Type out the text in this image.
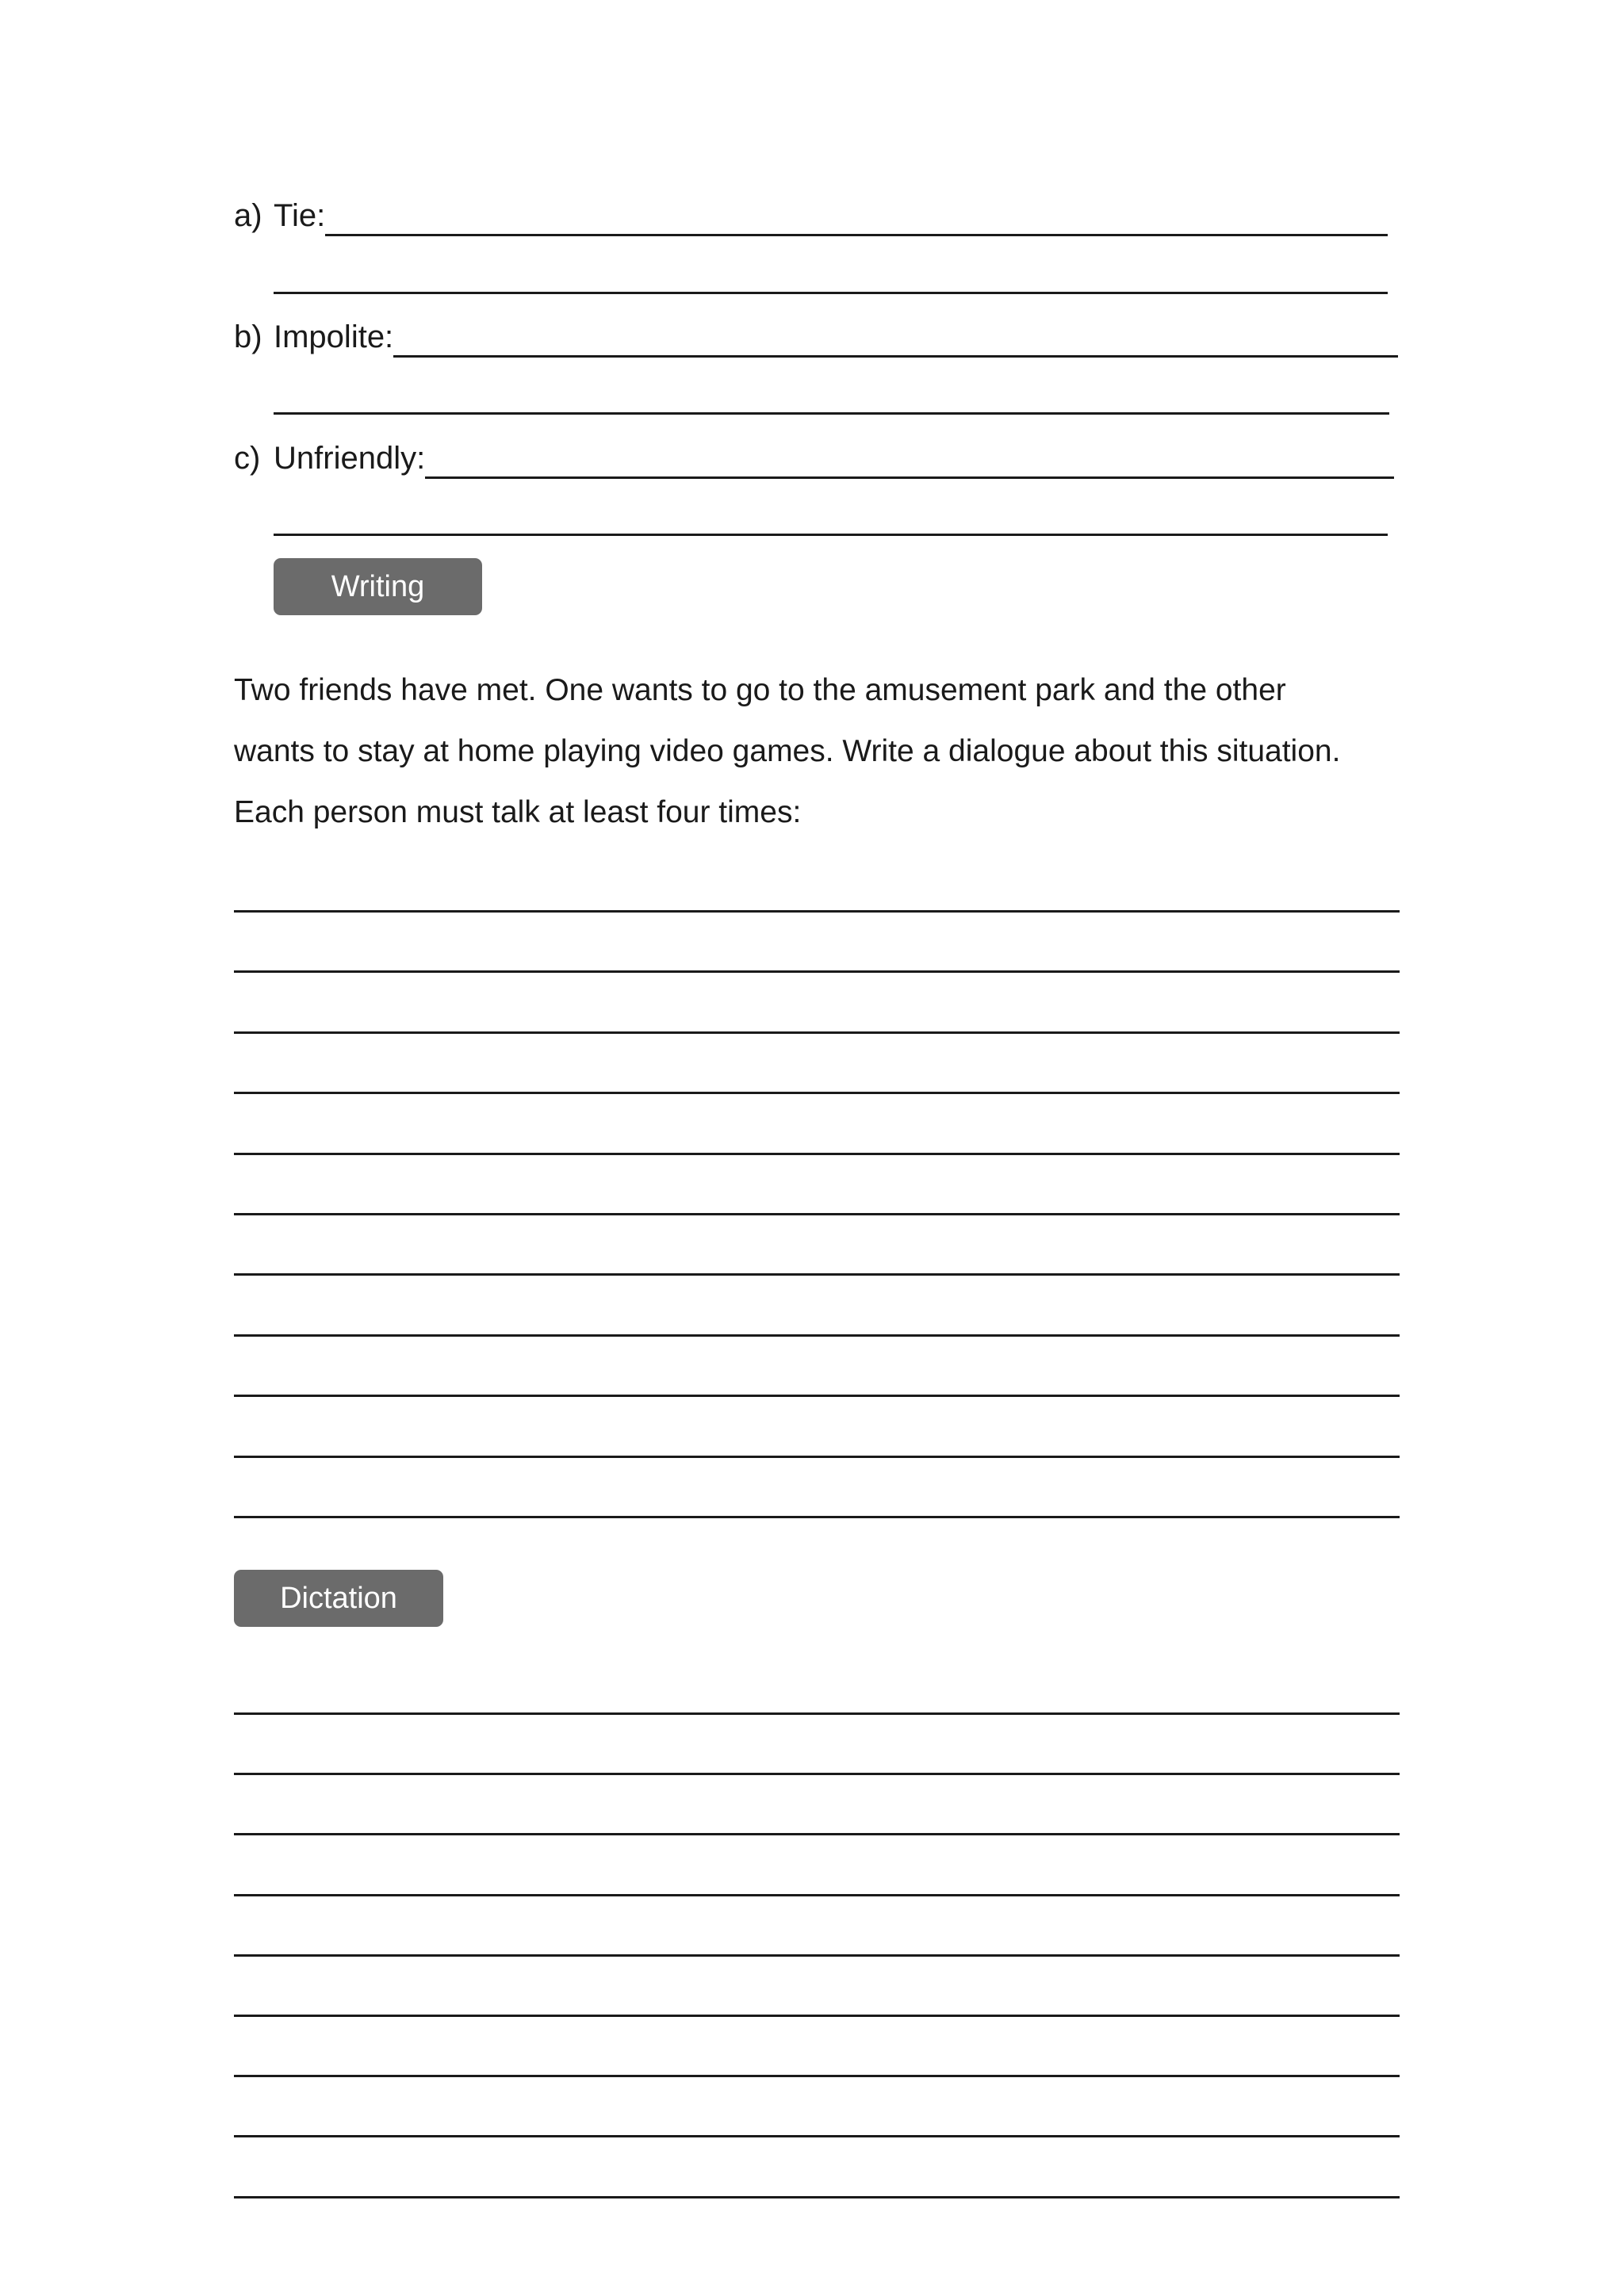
a) Tie:
b) Impolite:
c) Unfriendly:
Writing

Two friends have met. One wants to go to the amusement park and the other

wants to stay at home playing video games. Write a dialogue about this situation.

Each person must talk at least four times:

Dictation
